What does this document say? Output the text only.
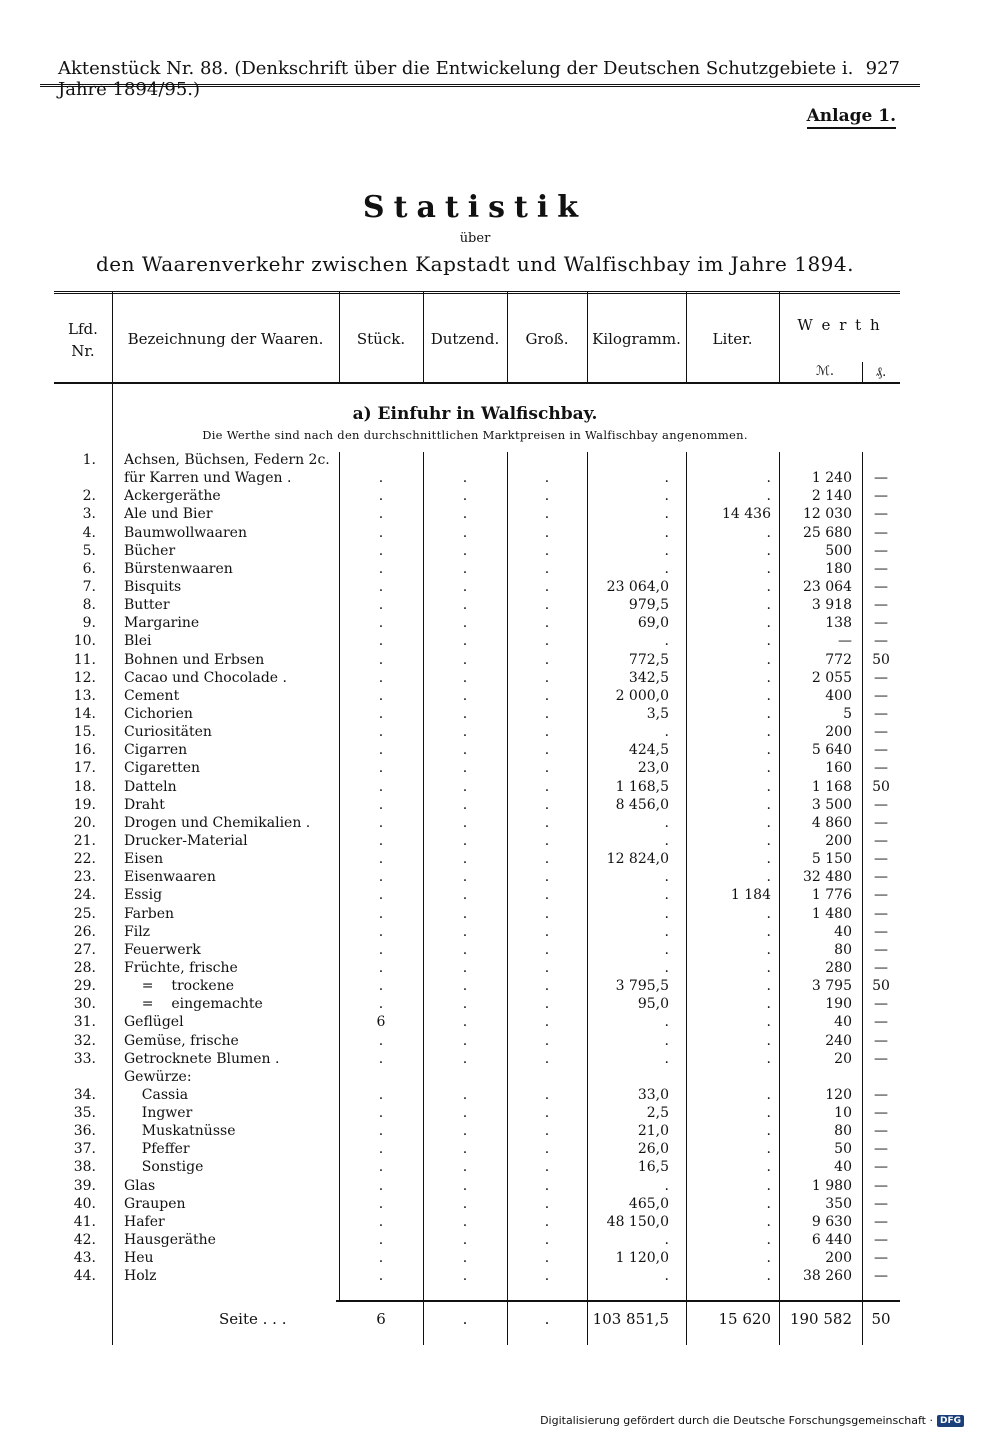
Aktenstück Nr. 88. (Denkschrift über die Entwickelung der Deutschen Schutzgebiete i. Jahre 1894/95.)
927
Anlage 1.
Statistik
über
den Waarenverkehr zwischen Kapstadt und Walfischbay im Jahre 1894.
Lfd. Nr.
Bezeichnung der Waaren.	Stück.	Dutzend.	Groß.	Kilogramm.	Liter.
W e r t h
ℳ.	₰.
a) Einfuhr in Walfischbay.
Die Werthe sind nach den durchschnittlichen Marktpreisen in Walfischbay angenommen.
1. Achsen, Büchsen, Federn 2c.
für Karren und Wagen .	.	.	.	.	.	1 240	—
2. Ackergeräthe	.	.	.	.	.	2 140	—
3. Ale und Bier	.	.	.	.	14 436	12 030	—
4. Baumwollwaaren	.	.	.	.	.	25 680	—
5. Bücher	.	.	.	.	.	500	—
6. Bürstenwaaren	.	.	.	.	.	180	—
7. Bisquits	.	.	.	23 064,0	.	23 064	—
8. Butter	.	.	.	979,5	.	3 918	—
9. Margarine	.	.	.	69,0	.	138	—
10. Blei	.	.	.	.	.	—	—
11. Bohnen und Erbsen	.	.	.	772,5	.	772	50
12. Cacao und Chocolade .	.	.	.	342,5	.	2 055	—
13. Cement	.	.	.	2 000,0	.	400	—
14. Cichorien	.	.	.	3,5	.	5	—
15. Curiositäten	.	.	.	.	.	200	—
16. Cigarren	.	.	.	424,5	.	5 640	—
17. Cigaretten	.	.	.	23,0	.	160	—
18. Datteln	.	.	.	1 168,5	.	1 168	50
19. Draht	.	.	.	8 456,0	.	3 500	—
20. Drogen und Chemikalien .	.	.	.	.	.	4 860	—
21. Drucker-Material	.	.	.	.	.	200	—
22. Eisen	.	.	.	12 824,0	.	5 150	—
23. Eisenwaaren	.	.	.	.	.	32 480	—
24. Essig	.	.	.	.	1 184	1 776	—
25. Farben	.	.	.	.	.	1 480	—
26. Filz	.	.	.	.	.	40	—
27. Feuerwerk	.	.	.	.	.	80	—
28. Früchte, frische	.	.	.	.	.	280	—
29. =    trockene	.	.	.	3 795,5	.	3 795	50
30. =    eingemachte	.	.	.	95,0	.	190	—
31. Geflügel	6	.	.	.	.	40	—
32. Gemüse, frische	.	.	.	.	.	240	—
33. Getrocknete Blumen .	.	.	.	.	.	20	—
Gewürze:
34. Cassia	.	.	.	33,0	.	120	—
35. Ingwer	.	.	.	2,5	.	10	—
36. Muskatnüsse	.	.	.	21,0	.	80	—
37. Pfeffer	.	.	.	26,0	.	50	—
38. Sonstige	.	.	.	16,5	.	40	—
39. Glas	.	.	.	.	.	1 980	—
40. Graupen	.	.	.	465,0	.	350	—
41. Hafer	.	.	.	48 150,0	.	9 630	—
42. Hausgeräthe	.	.	.	.	.	6 440	—
43. Heu	.	.	.	1 120,0	.	200	—
44. Holz	.	.	.	.	.	38 260	—
Seite . . .	6	.	.	103 851,5	15 620	190 582	50
Digitalisierung gefördert durch die Deutsche Forschungsgemeinschaft · DFG
